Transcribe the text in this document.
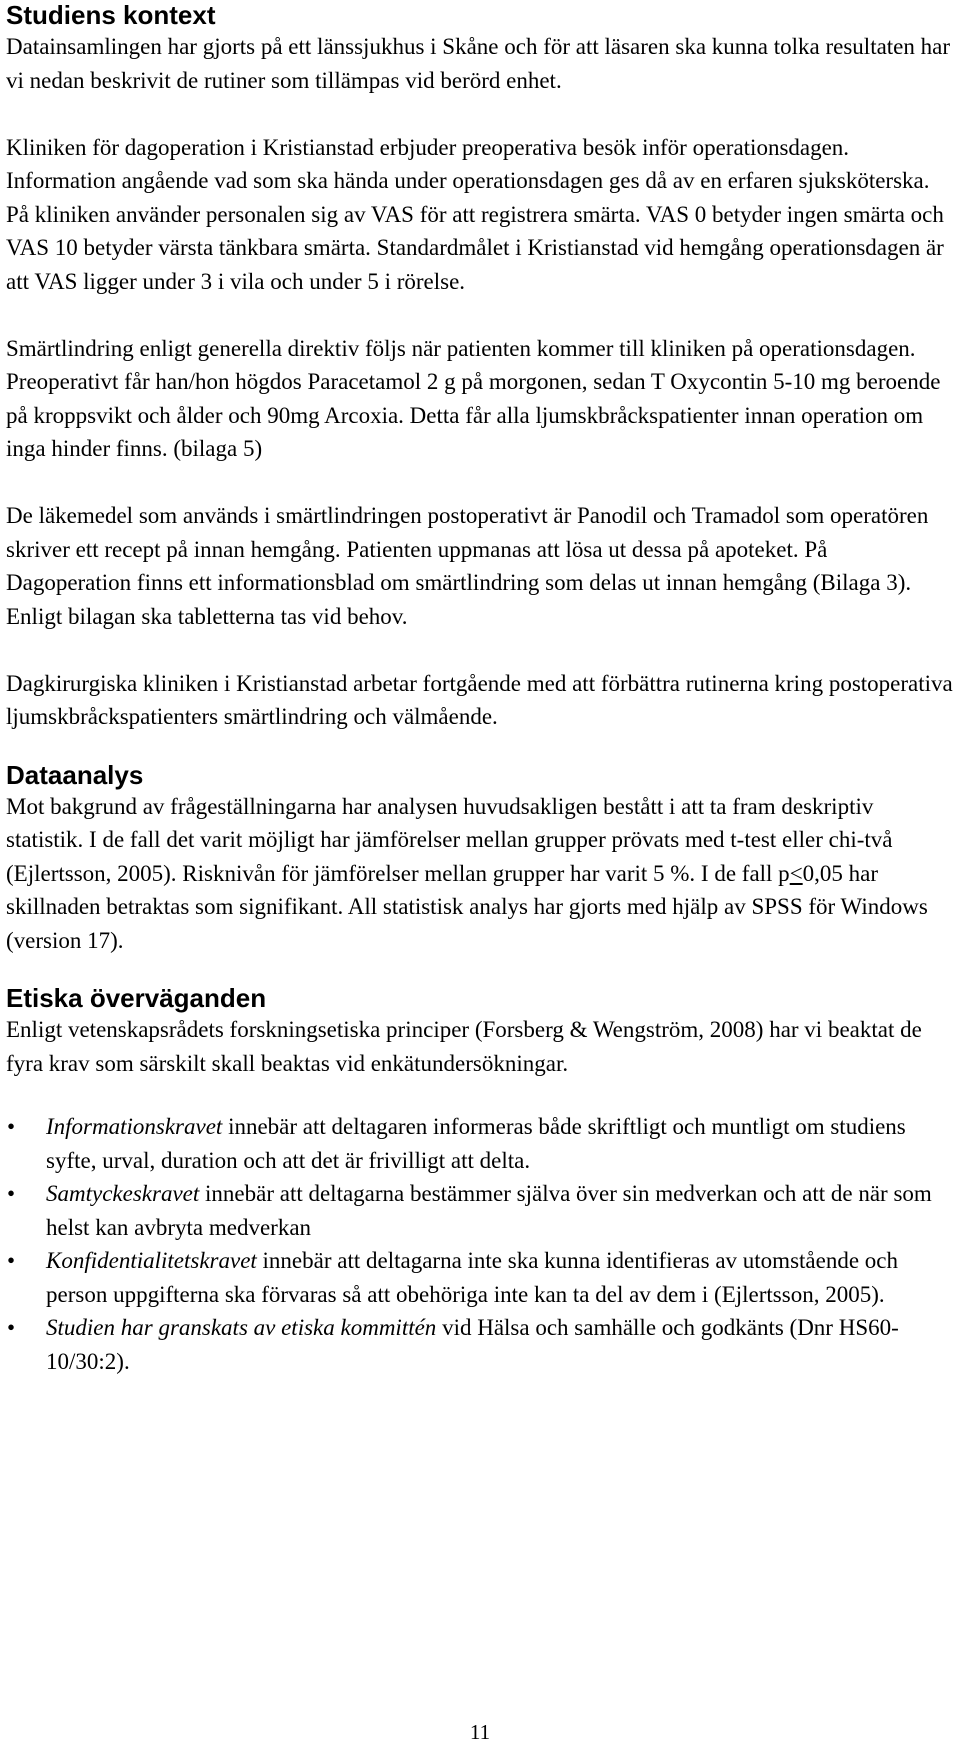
Studiens kontext

Datainsamlingen har gjorts på ett länssjukhus i Skåne och för att läsaren ska kunna tolka resultaten har vi nedan beskrivit de rutiner som tillämpas vid berörd enhet.

Kliniken för dagoperation i Kristianstad erbjuder preoperativa besök inför operationsdagen. Information angående vad som ska hända under operationsdagen ges då av en erfaren sjuksköterska. På kliniken använder personalen sig av VAS för att registrera smärta. VAS 0 betyder ingen smärta och VAS 10 betyder värsta tänkbara smärta. Standardmålet i Kristianstad vid hemgång operationsdagen är att VAS ligger under 3 i vila och under 5 i rörelse.

Smärtlindring enligt generella direktiv följs när patienten kommer till kliniken på operationsdagen. Preoperativt får han/hon högdos Paracetamol 2 g på morgonen, sedan T Oxycontin 5-10 mg beroende på kroppsvikt och ålder och 90mg Arcoxia. Detta får alla ljumskbråckspatienter innan operation om inga hinder finns. (bilaga 5)

De läkemedel som används i smärtlindringen postoperativt är Panodil och Tramadol som operatören skriver ett recept på innan hemgång. Patienten uppmanas att lösa ut dessa på apoteket. På Dagoperation finns ett informationsblad om smärtlindring som delas ut innan hemgång (Bilaga 3). Enligt bilagan ska tabletterna tas vid behov.

Dagkirurgiska kliniken i Kristianstad arbetar fortgående med att förbättra rutinerna kring postoperativa ljumskbråckspatienters smärtlindring och välmående.

Dataanalys

Mot bakgrund av frågeställningarna har analysen huvudsakligen bestått i att ta fram deskriptiv statistik. I de fall det varit möjligt har jämförelser mellan grupper prövats med t-test eller chi-två (Ejlertsson, 2005). Risknivån för jämförelser mellan grupper har varit 5 %. I de fall p≤0,05 har skillnaden betraktas som signifikant. All statistisk analys har gjorts med hjälp av SPSS för Windows (version 17).

Etiska överväganden

Enligt vetenskapsrådets forskningsetiska principer (Forsberg & Wengström, 2008) har vi beaktat de fyra krav som särskilt skall beaktas vid enkätundersökningar.

• Informationskravet innebär att deltagaren informeras både skriftligt och muntligt om studiens syfte, urval, duration och att det är frivilligt att delta.
• Samtyckeskravet innebär att deltagarna bestämmer själva över sin medverkan och att de när som helst kan avbryta medverkan
• Konfidentialitetskravet innebär att deltagarna inte ska kunna identifieras av utomstående och person uppgifterna ska förvaras så att obehöriga inte kan ta del av dem i (Ejlertsson, 2005).
• Studien har granskats av etiska kommittén vid Hälsa och samhälle och godkänts (Dnr HS60-10/30:2).
11
